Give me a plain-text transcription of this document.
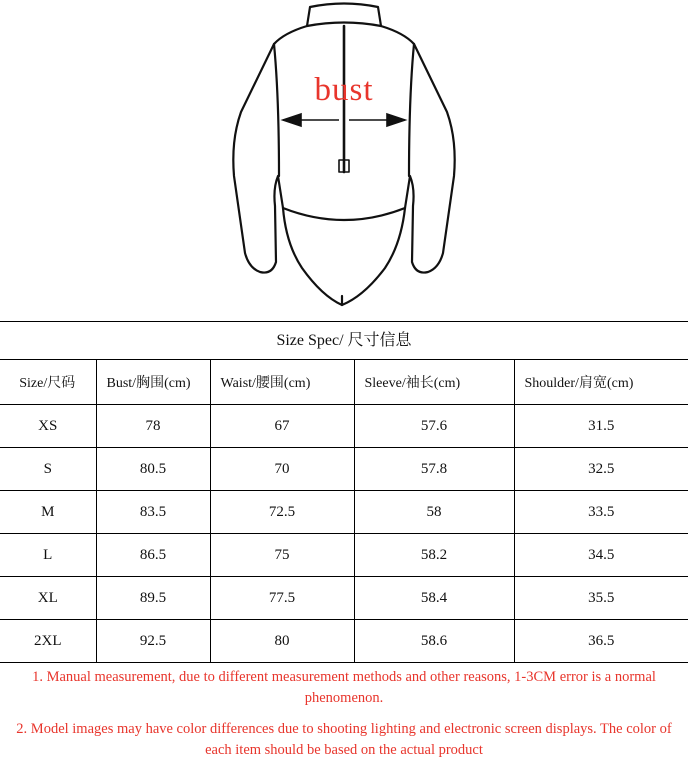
bust
Size Spec/ 尺寸信息
Size/尺码	Bust/胸围(cm)	Waist/腰围(cm)	Sleeve/袖长(cm)	Shoulder/肩宽(cm)
XS	78	67	57.6	31.5
S	80.5	70	57.8	32.5
M	83.5	72.5	58	33.5
L	86.5	75	58.2	34.5
XL	89.5	77.5	58.4	35.5
2XL	92.5	80	58.6	36.5
1. Manual measurement, due to different measurement methods and other reasons, 1-3CM error is a normal phenomenon.
2. Model images may have color differences due to shooting lighting and electronic screen displays. The color of each item should be based on the actual product
